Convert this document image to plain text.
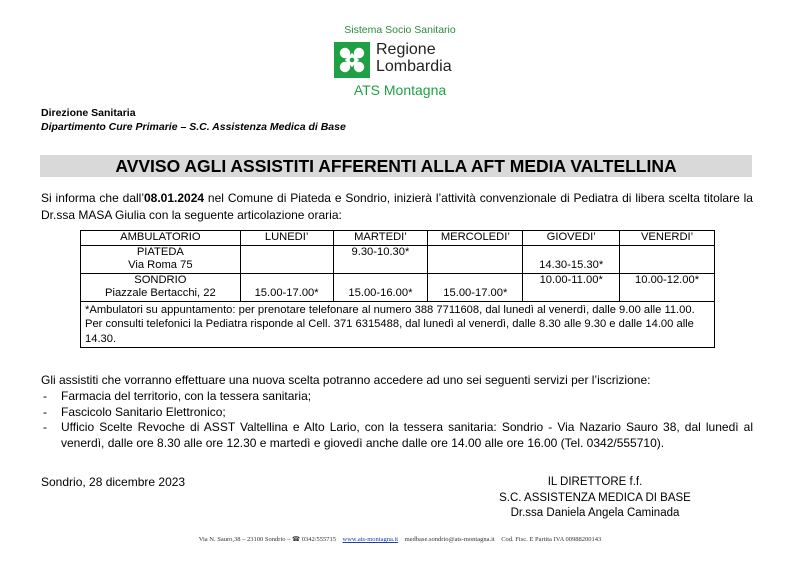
Sistema Socio Sanitario
Regione
Lombardia
ATS Montagna
Direzione Sanitaria
Dipartimento Cure Primarie – S.C. Assistenza Medica di Base
AVVISO AGLI ASSISTITI AFFERENTI ALLA AFT MEDIA VALTELLINA
Si informa che dall’08.01.2024 nel Comune di Piateda e Sondrio, inizierà l’attività convenzionale di Pediatra di libera scelta titolare la Dr.ssa MASA Giulia con la seguente articolazione oraria:
AMBULATORIO	LUNEDI’	MARTEDI’	MERCOLEDI’	GIOVEDI’	VENERDI’

PIATEDA
Via Roma 75		9.30-10.30*		14.30-15.30*	

SONDRIO
Piazzale Bertacchi, 22	15.00-17.00*	15.00-16.00*	15.00-17.00*	10.00-11.00*	10.00-12.00*

*Ambulatori su appuntamento: per prenotare telefonare al numero 388 7711608, dal lunedì al venerdì, dalle 9.00 alle 11.00.
Per consulti telefonici la Pediatra risponde al Cell. 371 6315488, dal lunedì al venerdì, dalle 8.30 alle 9.30 e dalle 14.00 alle 14.30.					
Gli assistiti che vorranno effettuare una nuova scelta potranno accedere ad uno sei seguenti servizi per l’iscrizione:
- Farmacia del territorio, con la tessera sanitaria;
- Fascicolo Sanitario Elettronico;
- Ufficio Scelte Revoche di ASST Valtellina e Alto Lario, con la tessera sanitaria: Sondrio - Via Nazario Sauro 38, dal lunedì al venerdì, dalle ore 8.30 alle ore 12.30 e martedì e giovedì anche dalle ore 14.00 alle ore 16.00 (Tel. 0342/555710).
Sondrio, 28 dicembre 2023	IL DIRETTORE f.f.
S.C. ASSISTENZA MEDICA DI BASE
Dr.ssa Daniela Angela Caminada
Via N. Sauro,38 – 23100 Sondrio – ☎ 0342/555715 www.ats-montagna.it medbase.sondrio@ats-montagna.it Cod. Fisc. E Partita IVA 00988200143
